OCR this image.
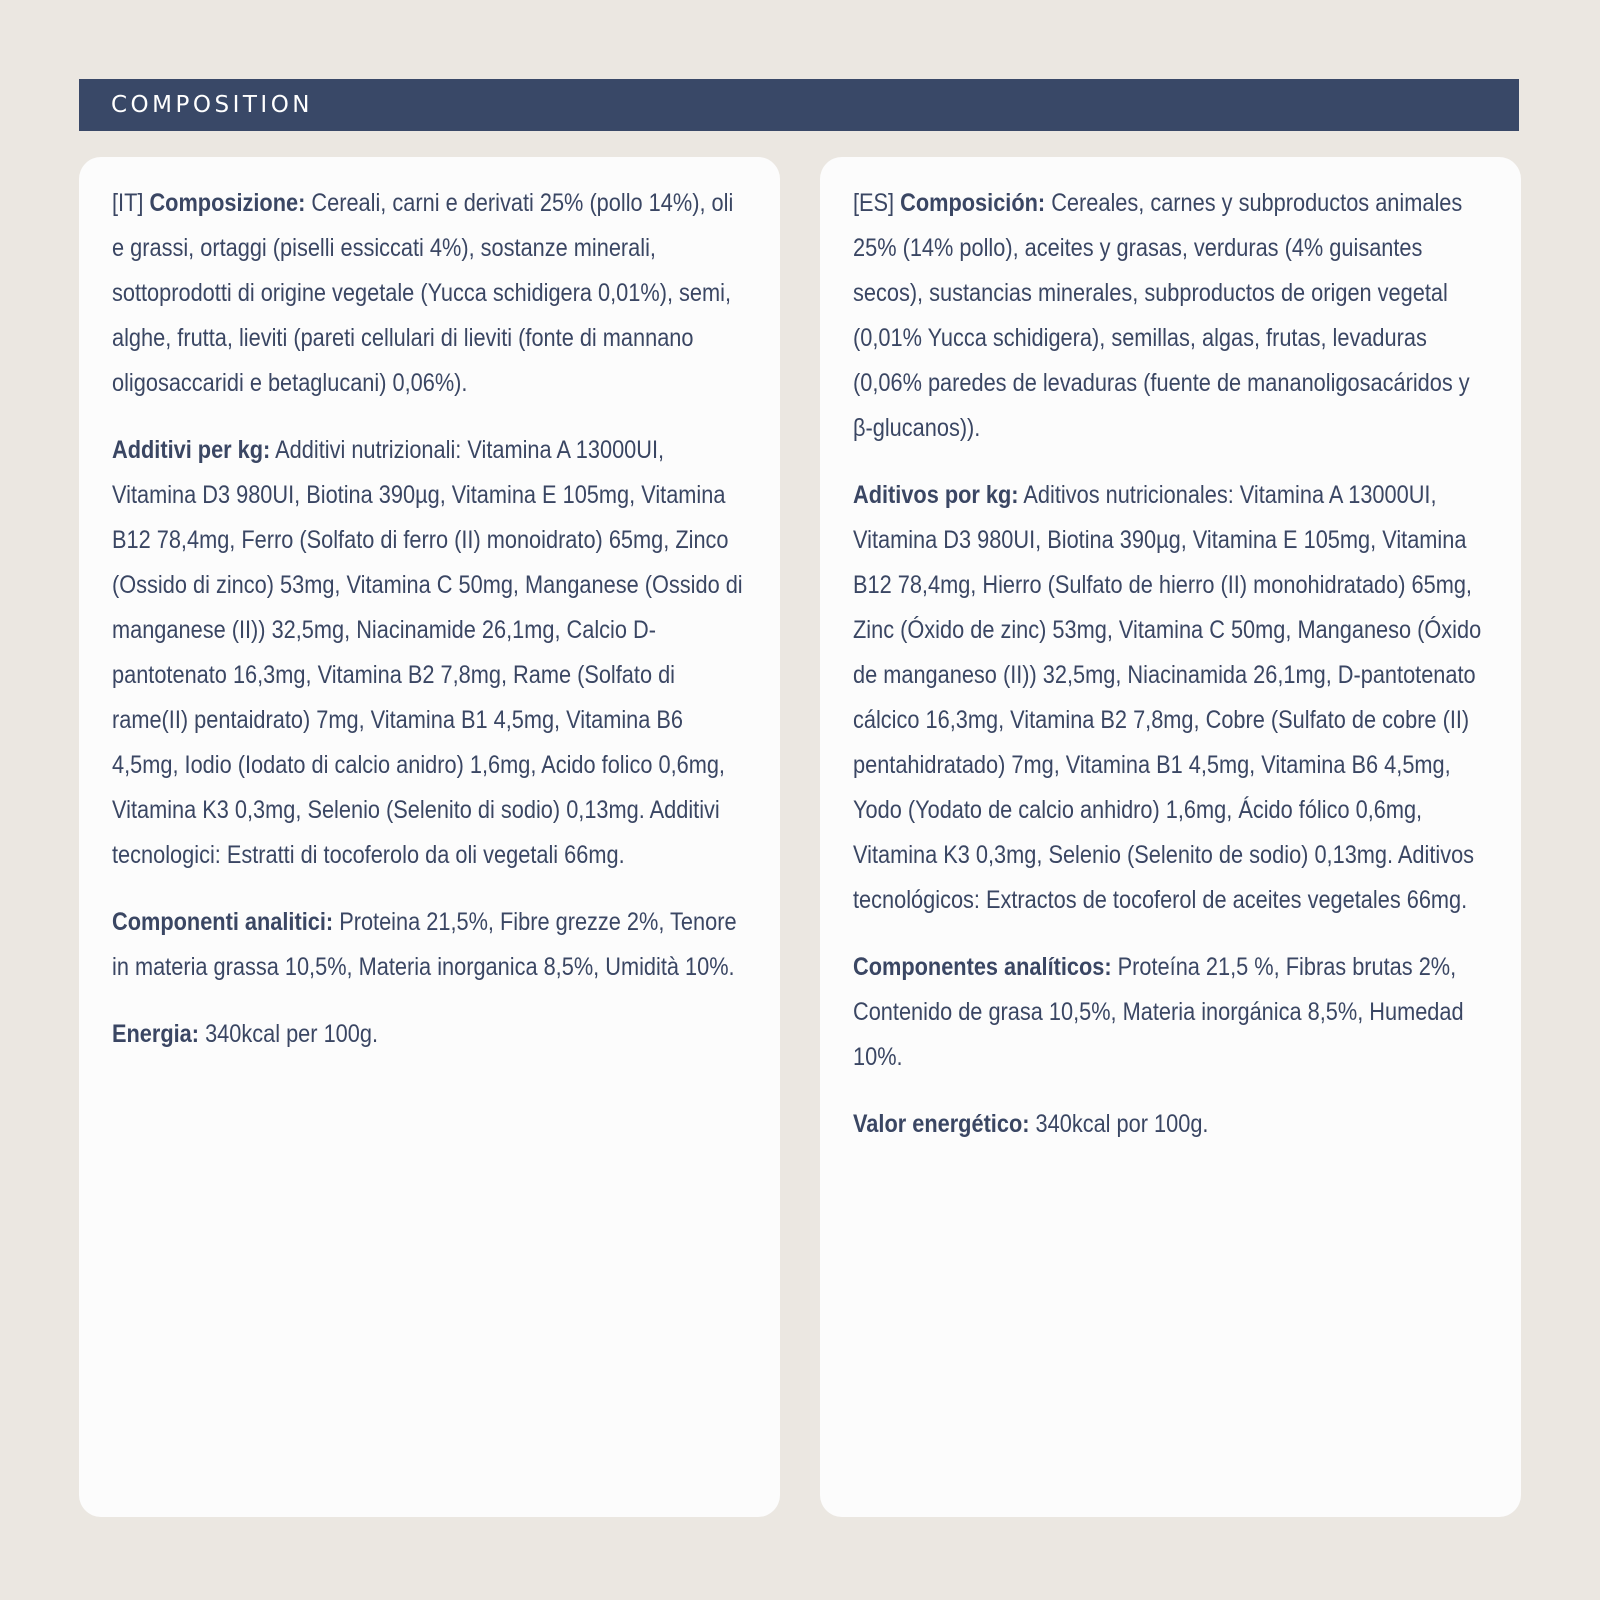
COMPOSITION

[IT] Composizione: Cereali, carni e derivati 25% (pollo 14%), oli e grassi, ortaggi (piselli essiccati 4%), sostanze minerali, sottoprodotti di origine vegetale (Yucca schidigera 0,01%), semi, alghe, frutta, lieviti (pareti cellulari di lieviti (fonte di mannano oligosaccaridi e betaglucani) 0,06%).

Additivi per kg: Additivi nutrizionali: Vitamina A 13000UI, Vitamina D3 980UI, Biotina 390µg, Vitamina E 105mg, Vitamina B12 78,4mg, Ferro (Solfato di ferro (II) monoidrato) 65mg, Zinco (Ossido di zinco) 53mg, Vitamina C 50mg, Manganese (Ossido di manganese (II)) 32,5mg, Niacinamide 26,1mg, Calcio D-pantotenato 16,3mg, Vitamina B2 7,8mg, Rame (Solfato di rame(II) pentaidrato) 7mg, Vitamina B1 4,5mg, Vitamina B6 4,5mg, Iodio (Iodato di calcio anidro) 1,6mg, Acido folico 0,6mg, Vitamina K3 0,3mg, Selenio (Selenito di sodio) 0,13mg. Additivi tecnologici: Estratti di tocoferolo da oli vegetali 66mg.

Componenti analitici: Proteina 21,5%, Fibre grezze 2%, Tenore in materia grassa 10,5%, Materia inorganica 8,5%, Umidità 10%.

Energia: 340kcal per 100g.

[ES] Composición: Cereales, carnes y subproductos animales 25% (14% pollo), aceites y grasas, verduras (4% guisantes secos), sustancias minerales, subproductos de origen vegetal (0,01% Yucca schidigera), semillas, algas, frutas, levaduras (0,06% paredes de levaduras (fuente de mananoligosacáridos y β-glucanos)).

Aditivos por kg: Aditivos nutricionales: Vitamina A 13000UI, Vitamina D3 980UI, Biotina 390µg, Vitamina E 105mg, Vitamina B12 78,4mg, Hierro (Sulfato de hierro (II) monohidratado) 65mg, Zinc (Óxido de zinc) 53mg, Vitamina C 50mg, Manganeso (Óxido de manganeso (II)) 32,5mg, Niacinamida 26,1mg, D-pantotenato cálcico 16,3mg, Vitamina B2 7,8mg, Cobre (Sulfato de cobre (II) pentahidratado) 7mg, Vitamina B1 4,5mg, Vitamina B6 4,5mg, Yodo (Yodato de calcio anhidro) 1,6mg, Ácido fólico 0,6mg, Vitamina K3 0,3mg, Selenio (Selenito de sodio) 0,13mg. Aditivos tecnológicos: Extractos de tocoferol de aceites vegetales 66mg.

Componentes analíticos: Proteína 21,5 %, Fibras brutas 2%, Contenido de grasa 10,5%, Materia inorgánica 8,5%, Humedad 10%.

Valor energético: 340kcal por 100g.
